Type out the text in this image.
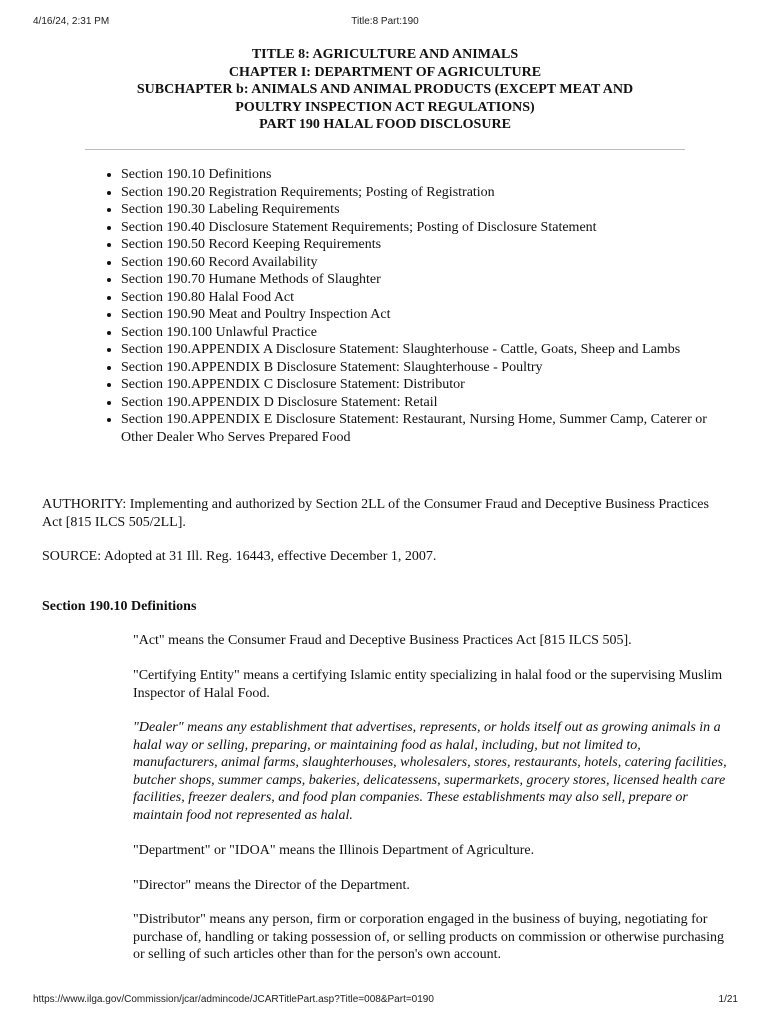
4/16/24, 2:31 PM	Title:8 Part:190
TITLE 8: AGRICULTURE AND ANIMALS
CHAPTER I: DEPARTMENT OF AGRICULTURE
SUBCHAPTER b: ANIMALS AND ANIMAL PRODUCTS (EXCEPT MEAT AND
POULTRY INSPECTION ACT REGULATIONS)
PART 190 HALAL FOOD DISCLOSURE
• Section 190.10 Definitions
• Section 190.20 Registration Requirements; Posting of Registration
• Section 190.30 Labeling Requirements
• Section 190.40 Disclosure Statement Requirements; Posting of Disclosure Statement
• Section 190.50 Record Keeping Requirements
• Section 190.60 Record Availability
• Section 190.70 Humane Methods of Slaughter
• Section 190.80 Halal Food Act
• Section 190.90 Meat and Poultry Inspection Act
• Section 190.100 Unlawful Practice
• Section 190.APPENDIX A Disclosure Statement: Slaughterhouse - Cattle, Goats, Sheep and Lambs
• Section 190.APPENDIX B Disclosure Statement: Slaughterhouse - Poultry
• Section 190.APPENDIX C Disclosure Statement: Distributor
• Section 190.APPENDIX D Disclosure Statement: Retail
• Section 190.APPENDIX E Disclosure Statement: Restaurant, Nursing Home, Summer Camp, Caterer or Other Dealer Who Serves Prepared Food

AUTHORITY: Implementing and authorized by Section 2LL of the Consumer Fraud and Deceptive Business Practices Act [815 ILCS 505/2LL].

SOURCE: Adopted at 31 Ill. Reg. 16443, effective December 1, 2007.

Section 190.10 Definitions

"Act" means the Consumer Fraud and Deceptive Business Practices Act [815 ILCS 505].

"Certifying Entity" means a certifying Islamic entity specializing in halal food or the supervising Muslim Inspector of Halal Food.

"Dealer" means any establishment that advertises, represents, or holds itself out as growing animals in a halal way or selling, preparing, or maintaining food as halal, including, but not limited to, manufacturers, animal farms, slaughterhouses, wholesalers, stores, restaurants, hotels, catering facilities, butcher shops, summer camps, bakeries, delicatessens, supermarkets, grocery stores, licensed health care facilities, freezer dealers, and food plan companies. These establishments may also sell, prepare or maintain food not represented as halal.

"Department" or "IDOA" means the Illinois Department of Agriculture.

"Director" means the Director of the Department.

"Distributor" means any person, firm or corporation engaged in the business of buying, negotiating for purchase of, handling or taking possession of, or selling products on commission or otherwise purchasing or selling of such articles other than for the person's own account.

https://www.ilga.gov/Commission/jcar/admincode/JCARTitlePart.asp?Title=008&Part=0190	1/21
